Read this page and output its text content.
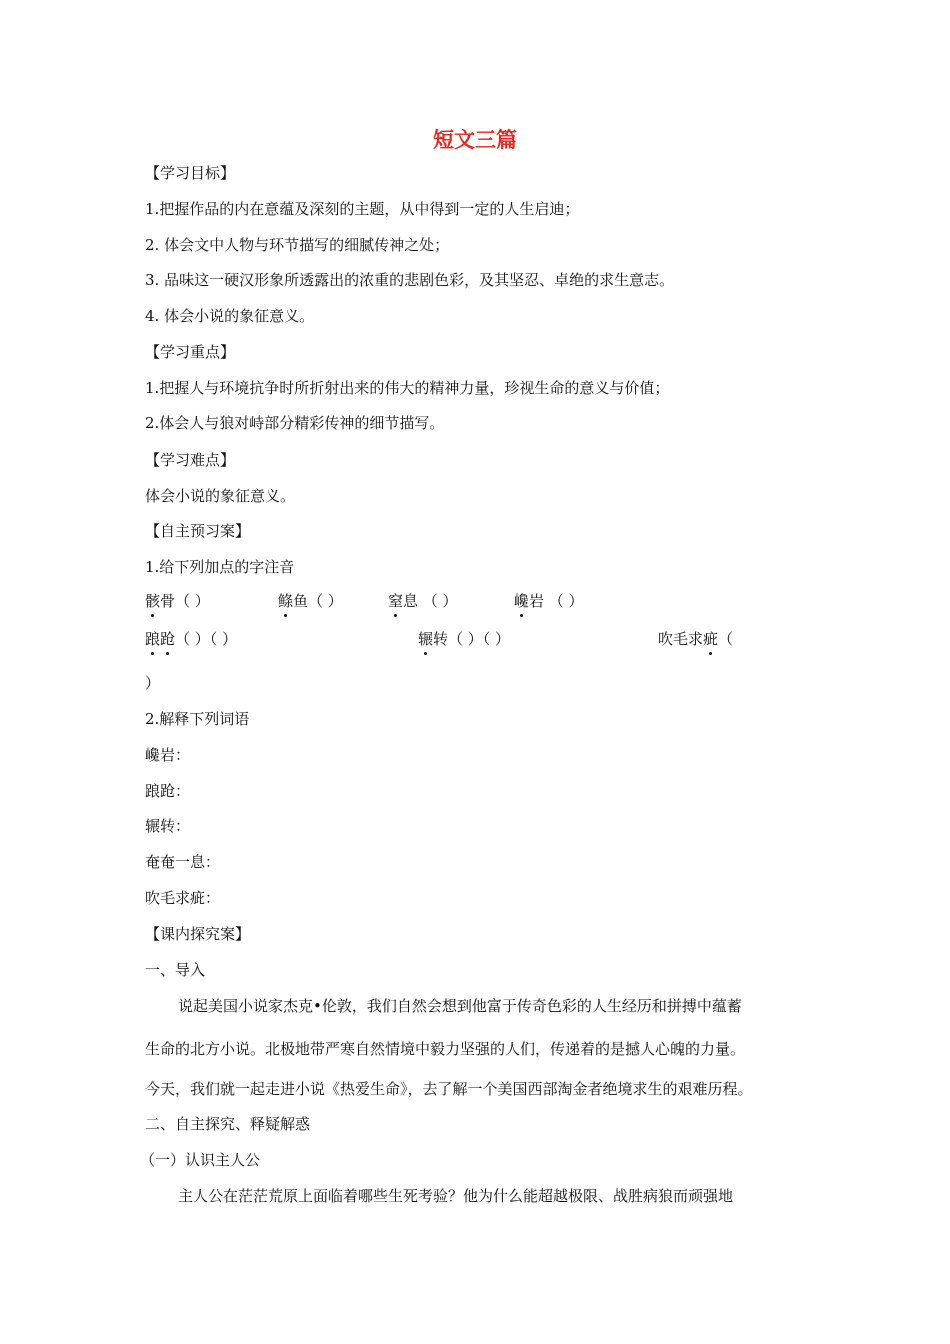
短文三篇
【学习目标】
1.把握作品的内在意蕴及深刻的主题，从中得到一定的人生启迪；
2. 体会文中人物与环节描写的细腻传神之处；
3. 品味这一硬汉形象所透露出的浓重的悲剧色彩，及其坚忍、卓绝的求生意志。
4. 体会小说的象征意义。
【学习重点】
1.把握人与环境抗争时所折射出来的伟大的精神力量，珍视生命的意义与价值；
2.体会人与狼对峙部分精彩传神的细节描写。
【学习难点】
体会小说的象征意义。
【自主预习案】
1.给下列加点的字注音
骸骨（ ）	鲦鱼（ ）	窒息 （ ）	巉岩 （ ）
踉跄（ ）（ ）	辗转（ ）（ ）	吹毛求疵（
）
2.解释下列词语
巉岩：
踉跄：
辗转：
奄奄一息：
吹毛求疵：
【课内探究案】
一、导入
说起美国小说家杰克•伦敦，我们自然会想到他富于传奇色彩的人生经历和拼搏中蕴蓄
生命的北方小说。北极地带严寒自然情境中毅力坚强的人们，传递着的是撼人心魄的力量。
今天，我们就一起走进小说《热爱生命》，去了解一个美国西部淘金者绝境求生的艰难历程。
二、自主探究、释疑解惑
（一）认识主人公
主人公在茫茫荒原上面临着哪些生死考验？他为什么能超越极限、战胜病狼而顽强地
